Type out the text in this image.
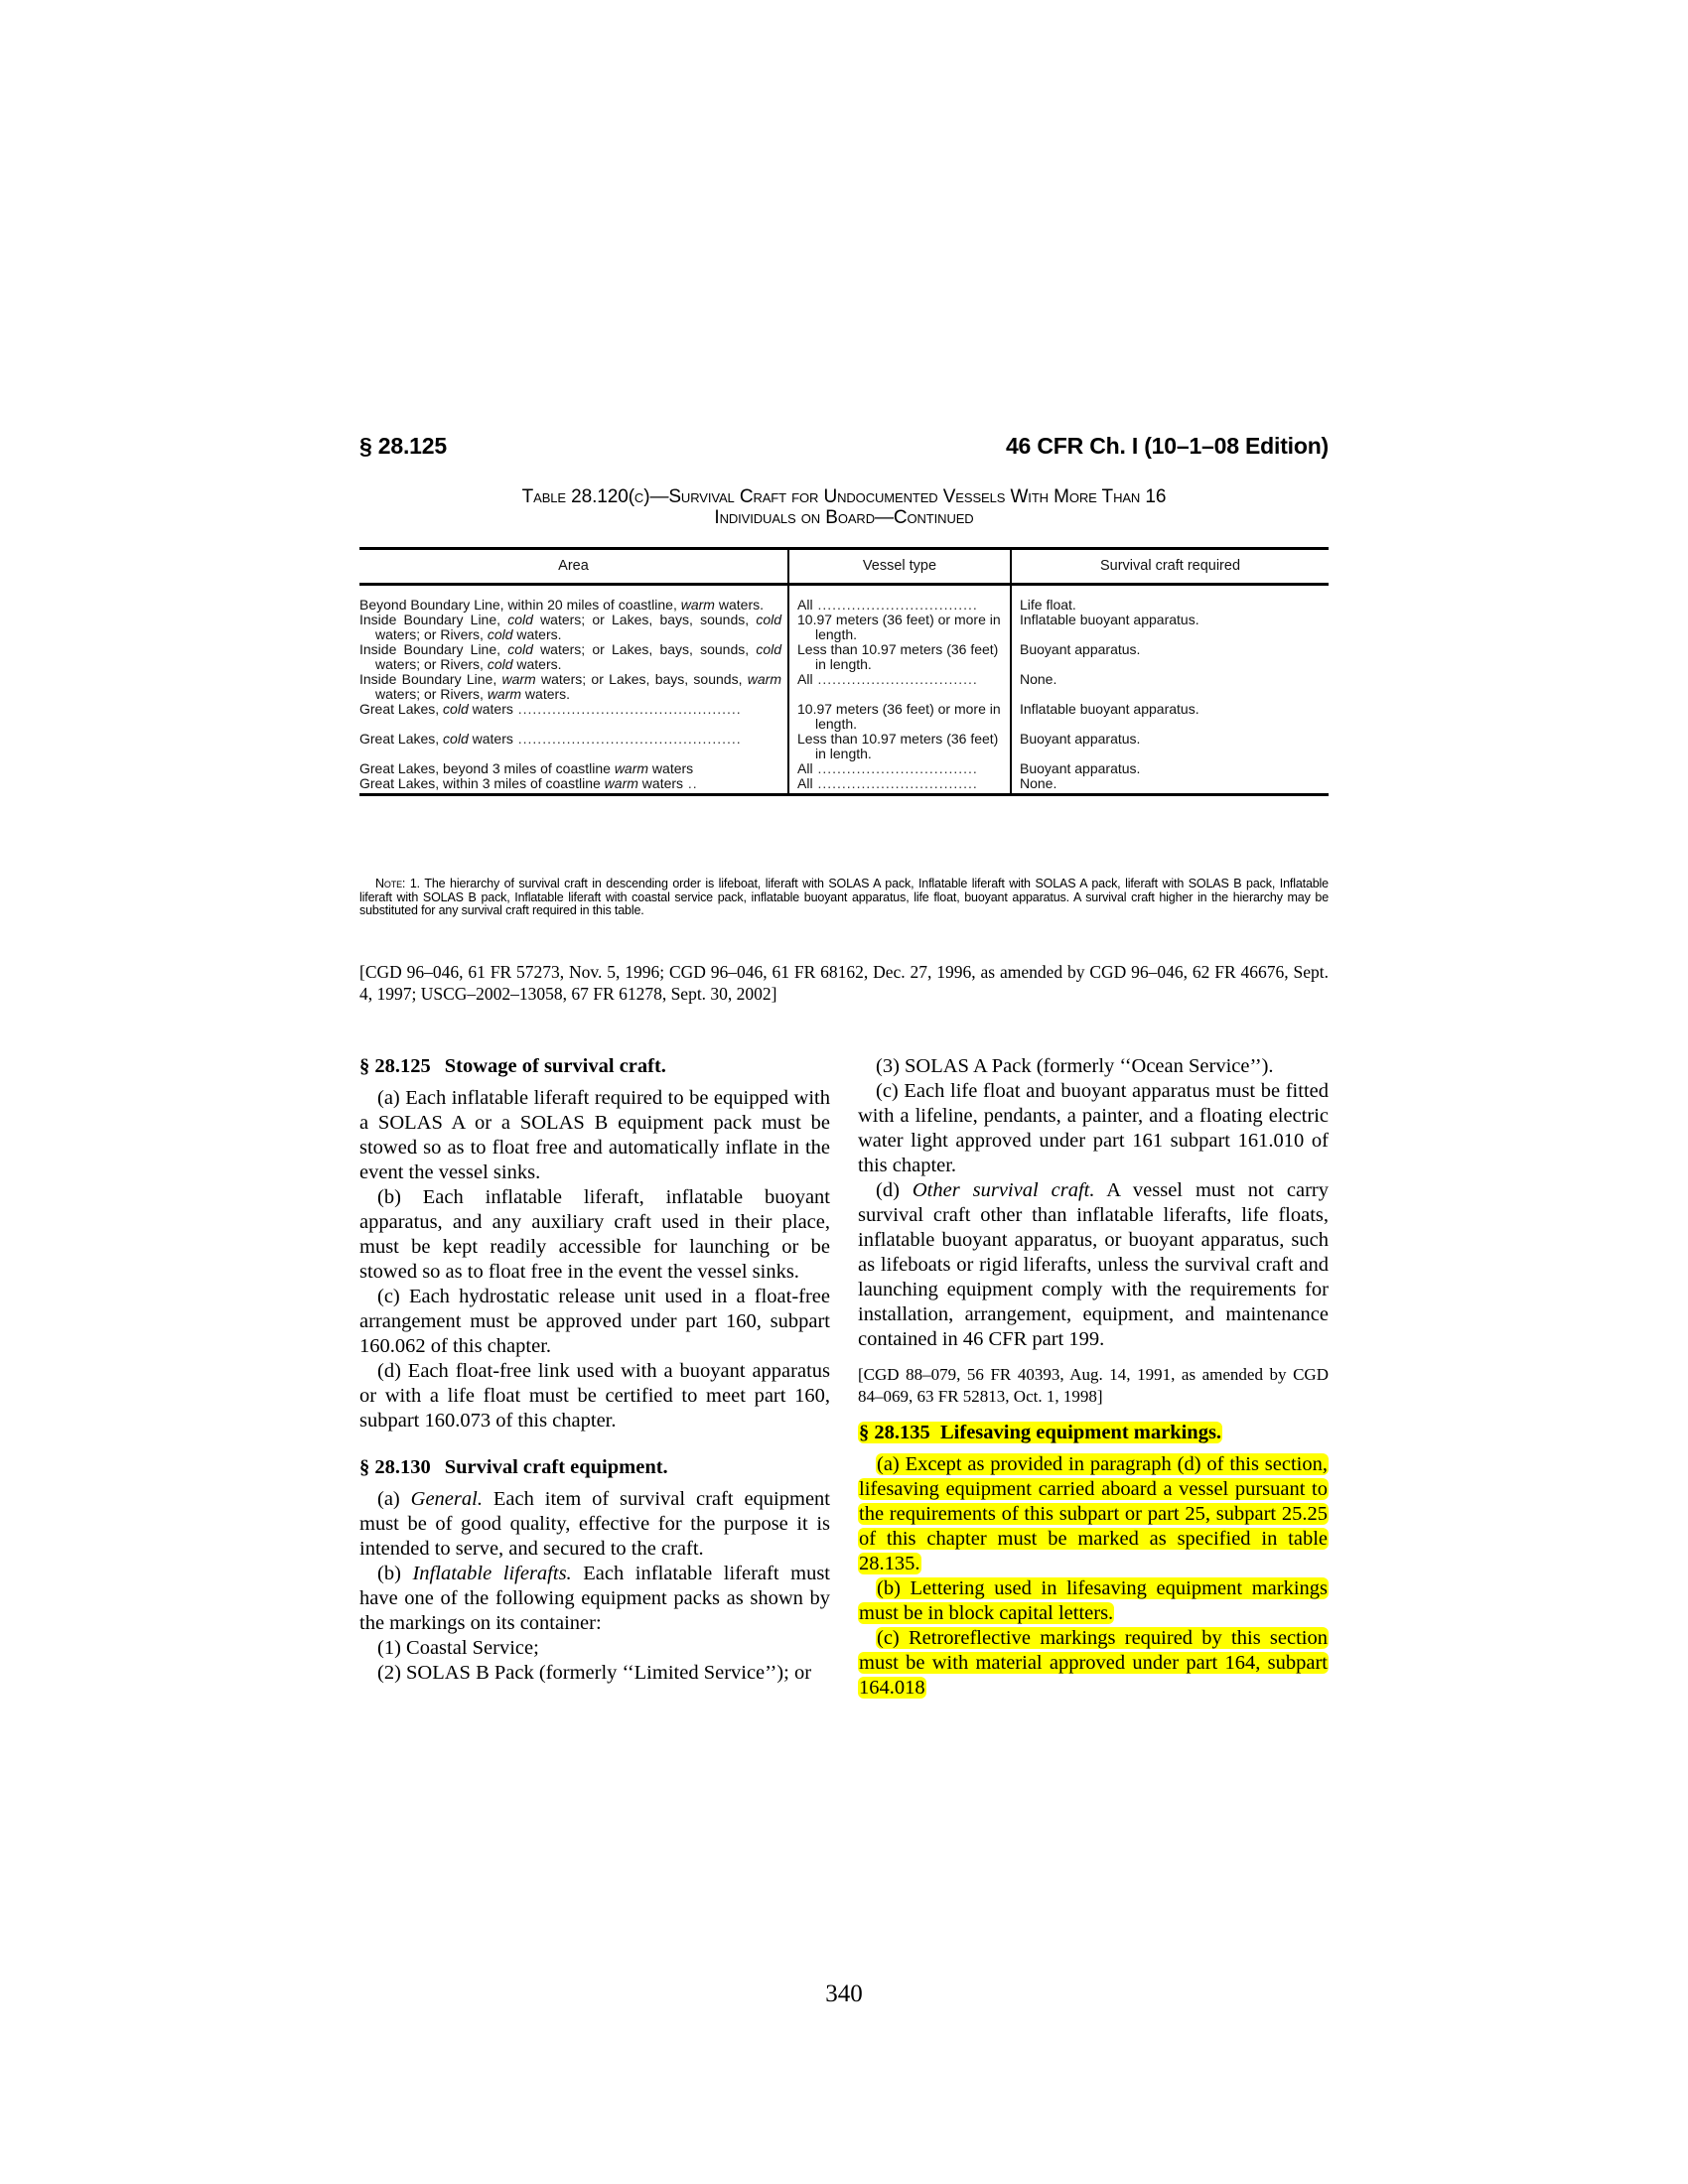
§ 28.125	46 CFR Ch. I (10–1–08 Edition)
Table 28.120(c)—Survival Craft for Undocumented Vessels With More Than 16
Individuals on Board—Continued
Area	Vessel type	Survival craft required

Beyond Boundary Line, within 20 miles of coastline, warm waters.	All .................................	Life float.

Inside Boundary Line, cold waters; or Lakes, bays, sounds, cold waters; or Rivers, cold waters.	10.97 meters (36 feet) or more in length.	Inflatable buoyant apparatus.

Inside Boundary Line, cold waters; or Lakes, bays, sounds, cold waters; or Rivers, cold waters.	Less than 10.97 meters (36 feet) in length.	Buoyant apparatus.

Inside Boundary Line, warm waters; or Lakes, bays, sounds, warm waters; or Rivers, warm waters.	All .................................	None.

Great Lakes, cold waters ..............................................	10.97 meters (36 feet) or more in length.	Inflatable buoyant apparatus.

Great Lakes, cold waters ..............................................	Less than 10.97 meters (36 feet) in length.	Buoyant apparatus.

Great Lakes, beyond 3 miles of coastline warm waters	All .................................	Buoyant apparatus.

Great Lakes, within 3 miles of coastline warm waters ..	All .................................	None.
Note: 1. The hierarchy of survival craft in descending order is lifeboat, liferaft with SOLAS A pack, Inflatable liferaft with SOLAS A pack, liferaft with SOLAS B pack, Inflatable liferaft with SOLAS B pack, Inflatable liferaft with coastal service pack, inflatable buoyant apparatus, life float, buoyant apparatus. A survival craft higher in the hierarchy may be substituted for any survival craft required in this table.
[CGD 96–046, 61 FR 57273, Nov. 5, 1996; CGD 96–046, 61 FR 68162, Dec. 27, 1996, as amended by CGD 96–046, 62 FR 46676, Sept. 4, 1997; USCG–2002–13058, 67 FR 61278, Sept. 30, 2002]
§ 28.125 Stowage of survival craft.

(a) Each inflatable liferaft required to be equipped with a SOLAS A or a SOLAS B equipment pack must be stowed so as to float free and automatically inflate in the event the vessel sinks.

(b) Each inflatable liferaft, inflatable buoyant apparatus, and any auxiliary craft used in their place, must be kept readily accessible for launching or be stowed so as to float free in the event the vessel sinks.

(c) Each hydrostatic release unit used in a float-free arrangement must be approved under part 160, subpart 160.062 of this chapter.

(d) Each float-free link used with a buoyant apparatus or with a life float must be certified to meet part 160, subpart 160.073 of this chapter.

§ 28.130 Survival craft equipment.

(a) General. Each item of survival craft equipment must be of good quality, effective for the purpose it is intended to serve, and secured to the craft.

(b) Inflatable liferafts. Each inflatable liferaft must have one of the following equipment packs as shown by the markings on its container:

(1) Coastal Service;

(2) SOLAS B Pack (formerly ‘‘Limited Service’’); or

(3) SOLAS A Pack (formerly ‘‘Ocean Service’’).

(c) Each life float and buoyant apparatus must be fitted with a lifeline, pendants, a painter, and a floating electric water light approved under part 161 subpart 161.010 of this chapter.

(d) Other survival craft. A vessel must not carry survival craft other than inflatable liferafts, life floats, inflatable buoyant apparatus, or buoyant apparatus, such as lifeboats or rigid liferafts, unless the survival craft and launching equipment comply with the requirements for installation, arrangement, equipment, and maintenance contained in 46 CFR part 199.

[CGD 88–079, 56 FR 40393, Aug. 14, 1991, as amended by CGD 84–069, 63 FR 52813, Oct. 1, 1998]

§ 28.135 Lifesaving equipment markings.

(a) Except as provided in paragraph (d) of this section, lifesaving equipment carried aboard a vessel pursuant to the requirements of this subpart or part 25, subpart 25.25 of this chapter must be marked as specified in table 28.135.

(b) Lettering used in lifesaving equipment markings must be in block capital letters.

(c) Retroreflective markings required by this section must be with material approved under part 164, subpart 164.018

340
